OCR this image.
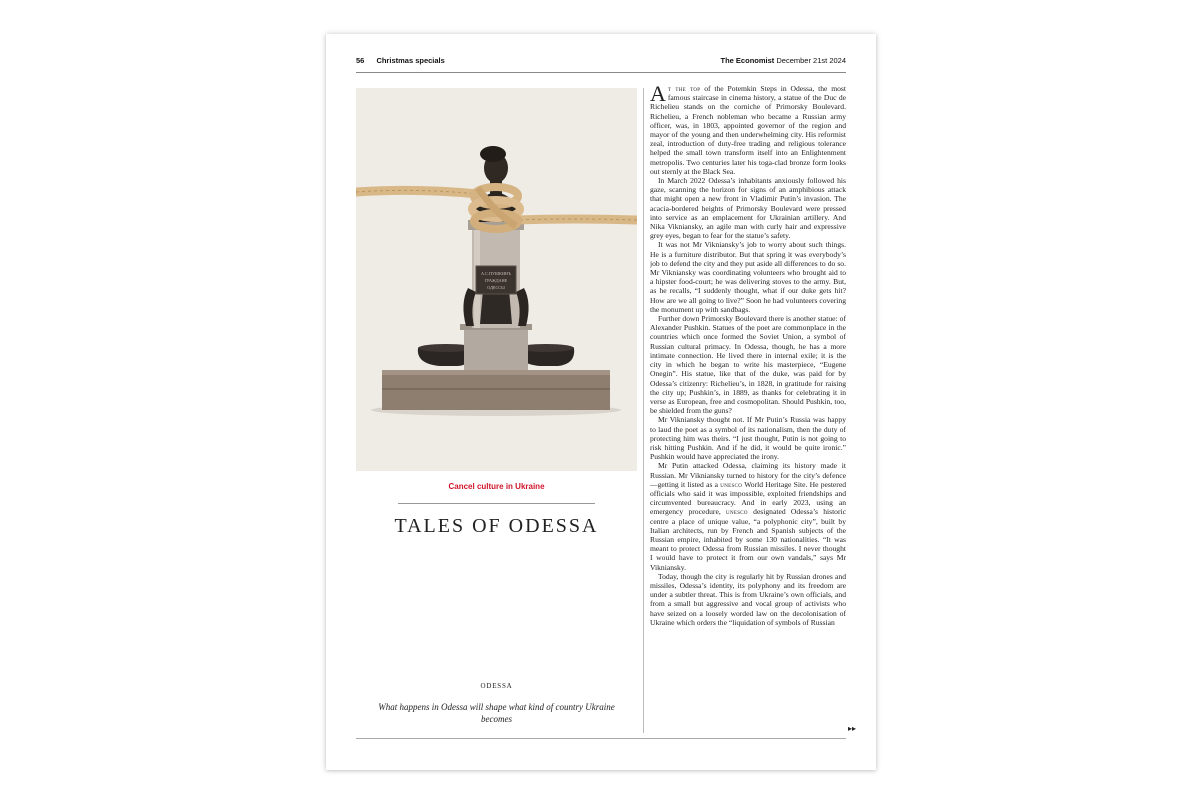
56 Christmas specials	The Economist December 21st 2024
A.С.ПУШКИНЪ
ГРАЖДАНЕ
ОДЕССЫ
Cancel culture in Ukraine
TALES OF ODESSA
ODESSA
What happens in Odessa will shape what kind of country Ukraine becomes

At the top of the Potemkin Steps in Odessa, the most famous staircase in cinema history, a statue of the Duc de Richelieu stands on the corniche of Primorsky Boulevard. Richelieu, a French nobleman who became a Russian army officer, was, in 1803, appointed governor of the region and mayor of the young and then underwhelming city. His reformist zeal, introduction of duty-free trading and religious tolerance helped the small town transform itself into an Enlightenment metropolis. Two centuries later his toga-clad bronze form looks out sternly at the Black Sea.

In March 2022 Odessa’s inhabitants anxiously followed his gaze, scanning the horizon for signs of an amphibious attack that might open a new front in Vladimir Putin’s invasion. The acacia-bordered heights of Primorsky Boulevard were pressed into service as an emplacement for Ukrainian artillery. And Nika Vikniansky, an agile man with curly hair and expressive grey eyes, began to fear for the statue’s safety.

It was not Mr Vikniansky’s job to worry about such things. He is a furniture distributor. But that spring it was everybody’s job to defend the city and they put aside all differences to do so. Mr Vikniansky was coordinating volunteers who brought aid to a hipster food-court; he was delivering stoves to the army. But, as he recalls, “I suddenly thought, what if our duke gets hit? How are we all going to live?” Soon he had volunteers covering the monument up with sandbags.

Further down Primorsky Boulevard there is another statue: of Alexander Pushkin. Statues of the poet are commonplace in the countries which once formed the Soviet Union, a symbol of Russian cultural primacy. In Odessa, though, he has a more intimate connection. He lived there in internal exile; it is the city in which he began to write his masterpiece, “Eugene Onegin”. His statue, like that of the duke, was paid for by Odessa’s citizenry: Richelieu’s, in 1828, in gratitude for raising the city up; Pushkin’s, in 1889, as thanks for celebrating it in verse as European, free and cosmopolitan. Should Pushkin, too, be shielded from the guns?

Mr Vikniansky thought not. If Mr Putin’s Russia was happy to laud the poet as a symbol of its nationalism, then the duty of protecting him was theirs. “I just thought, Putin is not going to risk hitting Pushkin. And if he did, it would be quite ironic.” Pushkin would have appreciated the irony.

Mr Putin attacked Odessa, claiming its history made it Russian. Mr Vikniansky turned to history for the city’s defence—getting it listed as a unesco World Heritage Site. He pestered officials who said it was impossible, exploited friendships and circumvented bureaucracy. And in early 2023, using an emergency procedure, unesco designated Odessa’s historic centre a place of unique value, “a polyphonic city”, built by Italian architects, run by French and Spanish subjects of the Russian empire, inhabited by some 130 nationalities. “It was meant to protect Odessa from Russian missiles. I never thought I would have to protect it from our own vandals,” says Mr Vikniansky.

Today, though the city is regularly hit by Russian drones and missiles, Odessa’s identity, its polyphony and its freedom are under a subtler threat. This is from Ukraine’s own officials, and from a small but aggressive and vocal group of activists who have seized on a loosely worded law on the decolonisation of Ukraine which orders the “liquidation of symbols of Russian

▸▸
